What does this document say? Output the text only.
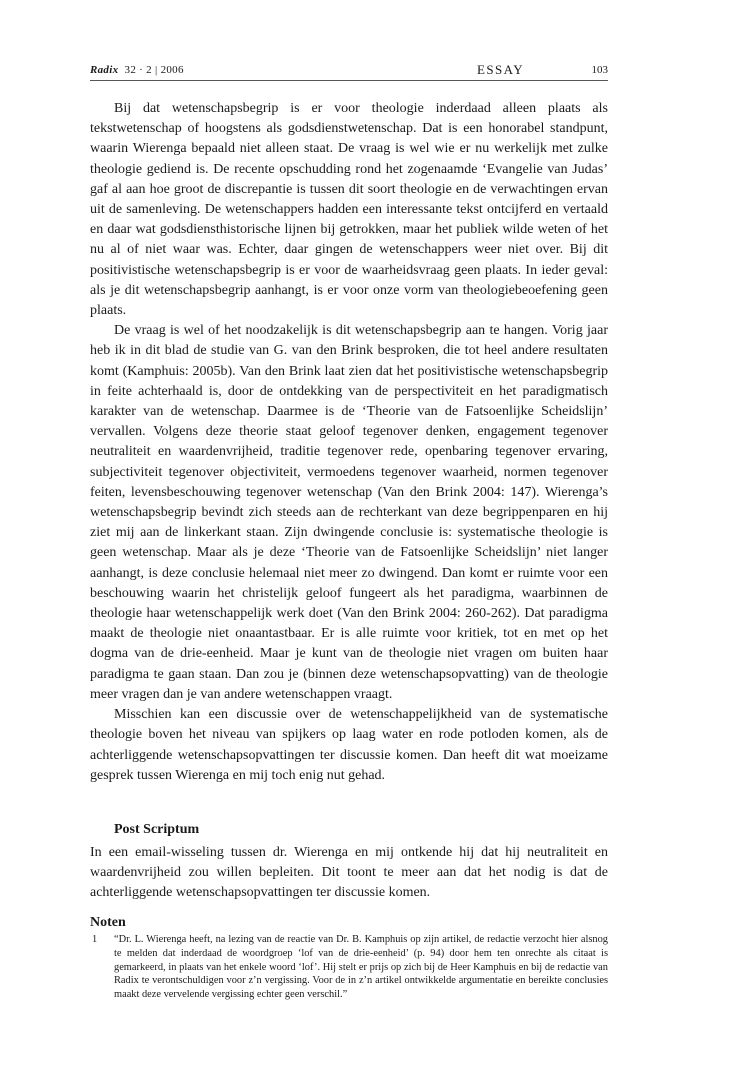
Radix 32 · 2 | 2006	ESSAY	103

Bij dat wetenschapsbegrip is er voor theologie inderdaad alleen plaats als tekstwetenschap of hoogstens als godsdienstwetenschap. Dat is een honorabel standpunt, waarin Wierenga bepaald niet alleen staat. De vraag is wel wie er nu werkelijk met zulke theologie gediend is. De recente opschudding rond het zogenaamde ‘Evangelie van Judas’ gaf al aan hoe groot de discrepantie is tussen dit soort theologie en de verwachtingen ervan uit de samenleving. De wetenschappers hadden een interessante tekst ontcijferd en vertaald en daar wat godsdiensthistorische lijnen bij getrokken, maar het publiek wilde weten of het nu al of niet waar was. Echter, daar gingen de wetenschappers weer niet over. Bij dit positivistische wetenschapsbegrip is er voor de waarheidsvraag geen plaats. In ieder geval: als je dit wetenschapsbegrip aanhangt, is er voor onze vorm van theologiebeoefening geen plaats.

De vraag is wel of het noodzakelijk is dit wetenschapsbegrip aan te hangen. Vorig jaar heb ik in dit blad de studie van G. van den Brink besproken, die tot heel andere resultaten komt (Kamphuis: 2005b). Van den Brink laat zien dat het positivistische wetenschapsbegrip in feite achterhaald is, door de ontdekking van de perspectiviteit en het paradigmatisch karakter van de wetenschap. Daarmee is de ‘Theorie van de Fatsoenlijke Scheidslijn’ vervallen. Volgens deze theorie staat geloof tegenover denken, engagement tegenover neutraliteit en waardenvrijheid, traditie tegenover rede, openbaring tegenover ervaring, subjectiviteit tegenover objectiviteit, vermoedens tegenover waarheid, normen tegenover feiten, levensbeschouwing tegenover wetenschap (Van den Brink 2004: 147). Wierenga’s wetenschapsbegrip bevindt zich steeds aan de rechterkant van deze begrippenparen en hij ziet mij aan de linkerkant staan. Zijn dwingende conclusie is: systematische theologie is geen wetenschap. Maar als je deze ‘Theorie van de Fatsoenlijke Scheidslijn’ niet langer aanhangt, is deze conclusie helemaal niet meer zo dwingend. Dan komt er ruimte voor een beschouwing waarin het christelijk geloof fungeert als het paradigma, waarbinnen de theologie haar wetenschappelijk werk doet (Van den Brink 2004: 260-262). Dat paradigma maakt de theologie niet onaantastbaar. Er is alle ruimte voor kritiek, tot en met op het dogma van de drie-eenheid. Maar je kunt van de theologie niet vragen om buiten haar paradigma te gaan staan. Dan zou je (binnen deze wetenschapsopvatting) van de theologie meer vragen dan je van andere wetenschappen vraagt.

Misschien kan een discussie over de wetenschappelijkheid van de systematische theologie boven het niveau van spijkers op laag water en rode potloden komen, als de achterliggende wetenschapsopvattingen ter discussie komen. Dan heeft dit wat moeizame gesprek tussen Wierenga en mij toch enig nut gehad.

Post Scriptum
In een email-wisseling tussen dr. Wierenga en mij ontkende hij dat hij neutraliteit en waardenvrijheid zou willen bepleiten. Dit toont te meer aan dat het nodig is dat de achterliggende wetenschapsopvattingen ter discussie komen.
Noten
1 “Dr. L. Wierenga heeft, na lezing van de reactie van Dr. B. Kamphuis op zijn artikel, de redactie verzocht hier alsnog te melden dat inderdaad de woordgroep ‘lof van de drie-eenheid’ (p. 94) door hem ten onrechte als citaat is gemarkeerd, in plaats van het enkele woord ‘lof’. Hij stelt er prijs op zich bij de Heer Kamphuis en bij de redactie van Radix te verontschuldigen voor z’n vergissing. Voor de in z’n artikel ontwikkelde argumentatie en bereikte conclusies maakt deze vervelende vergissing echter geen verschil.”
